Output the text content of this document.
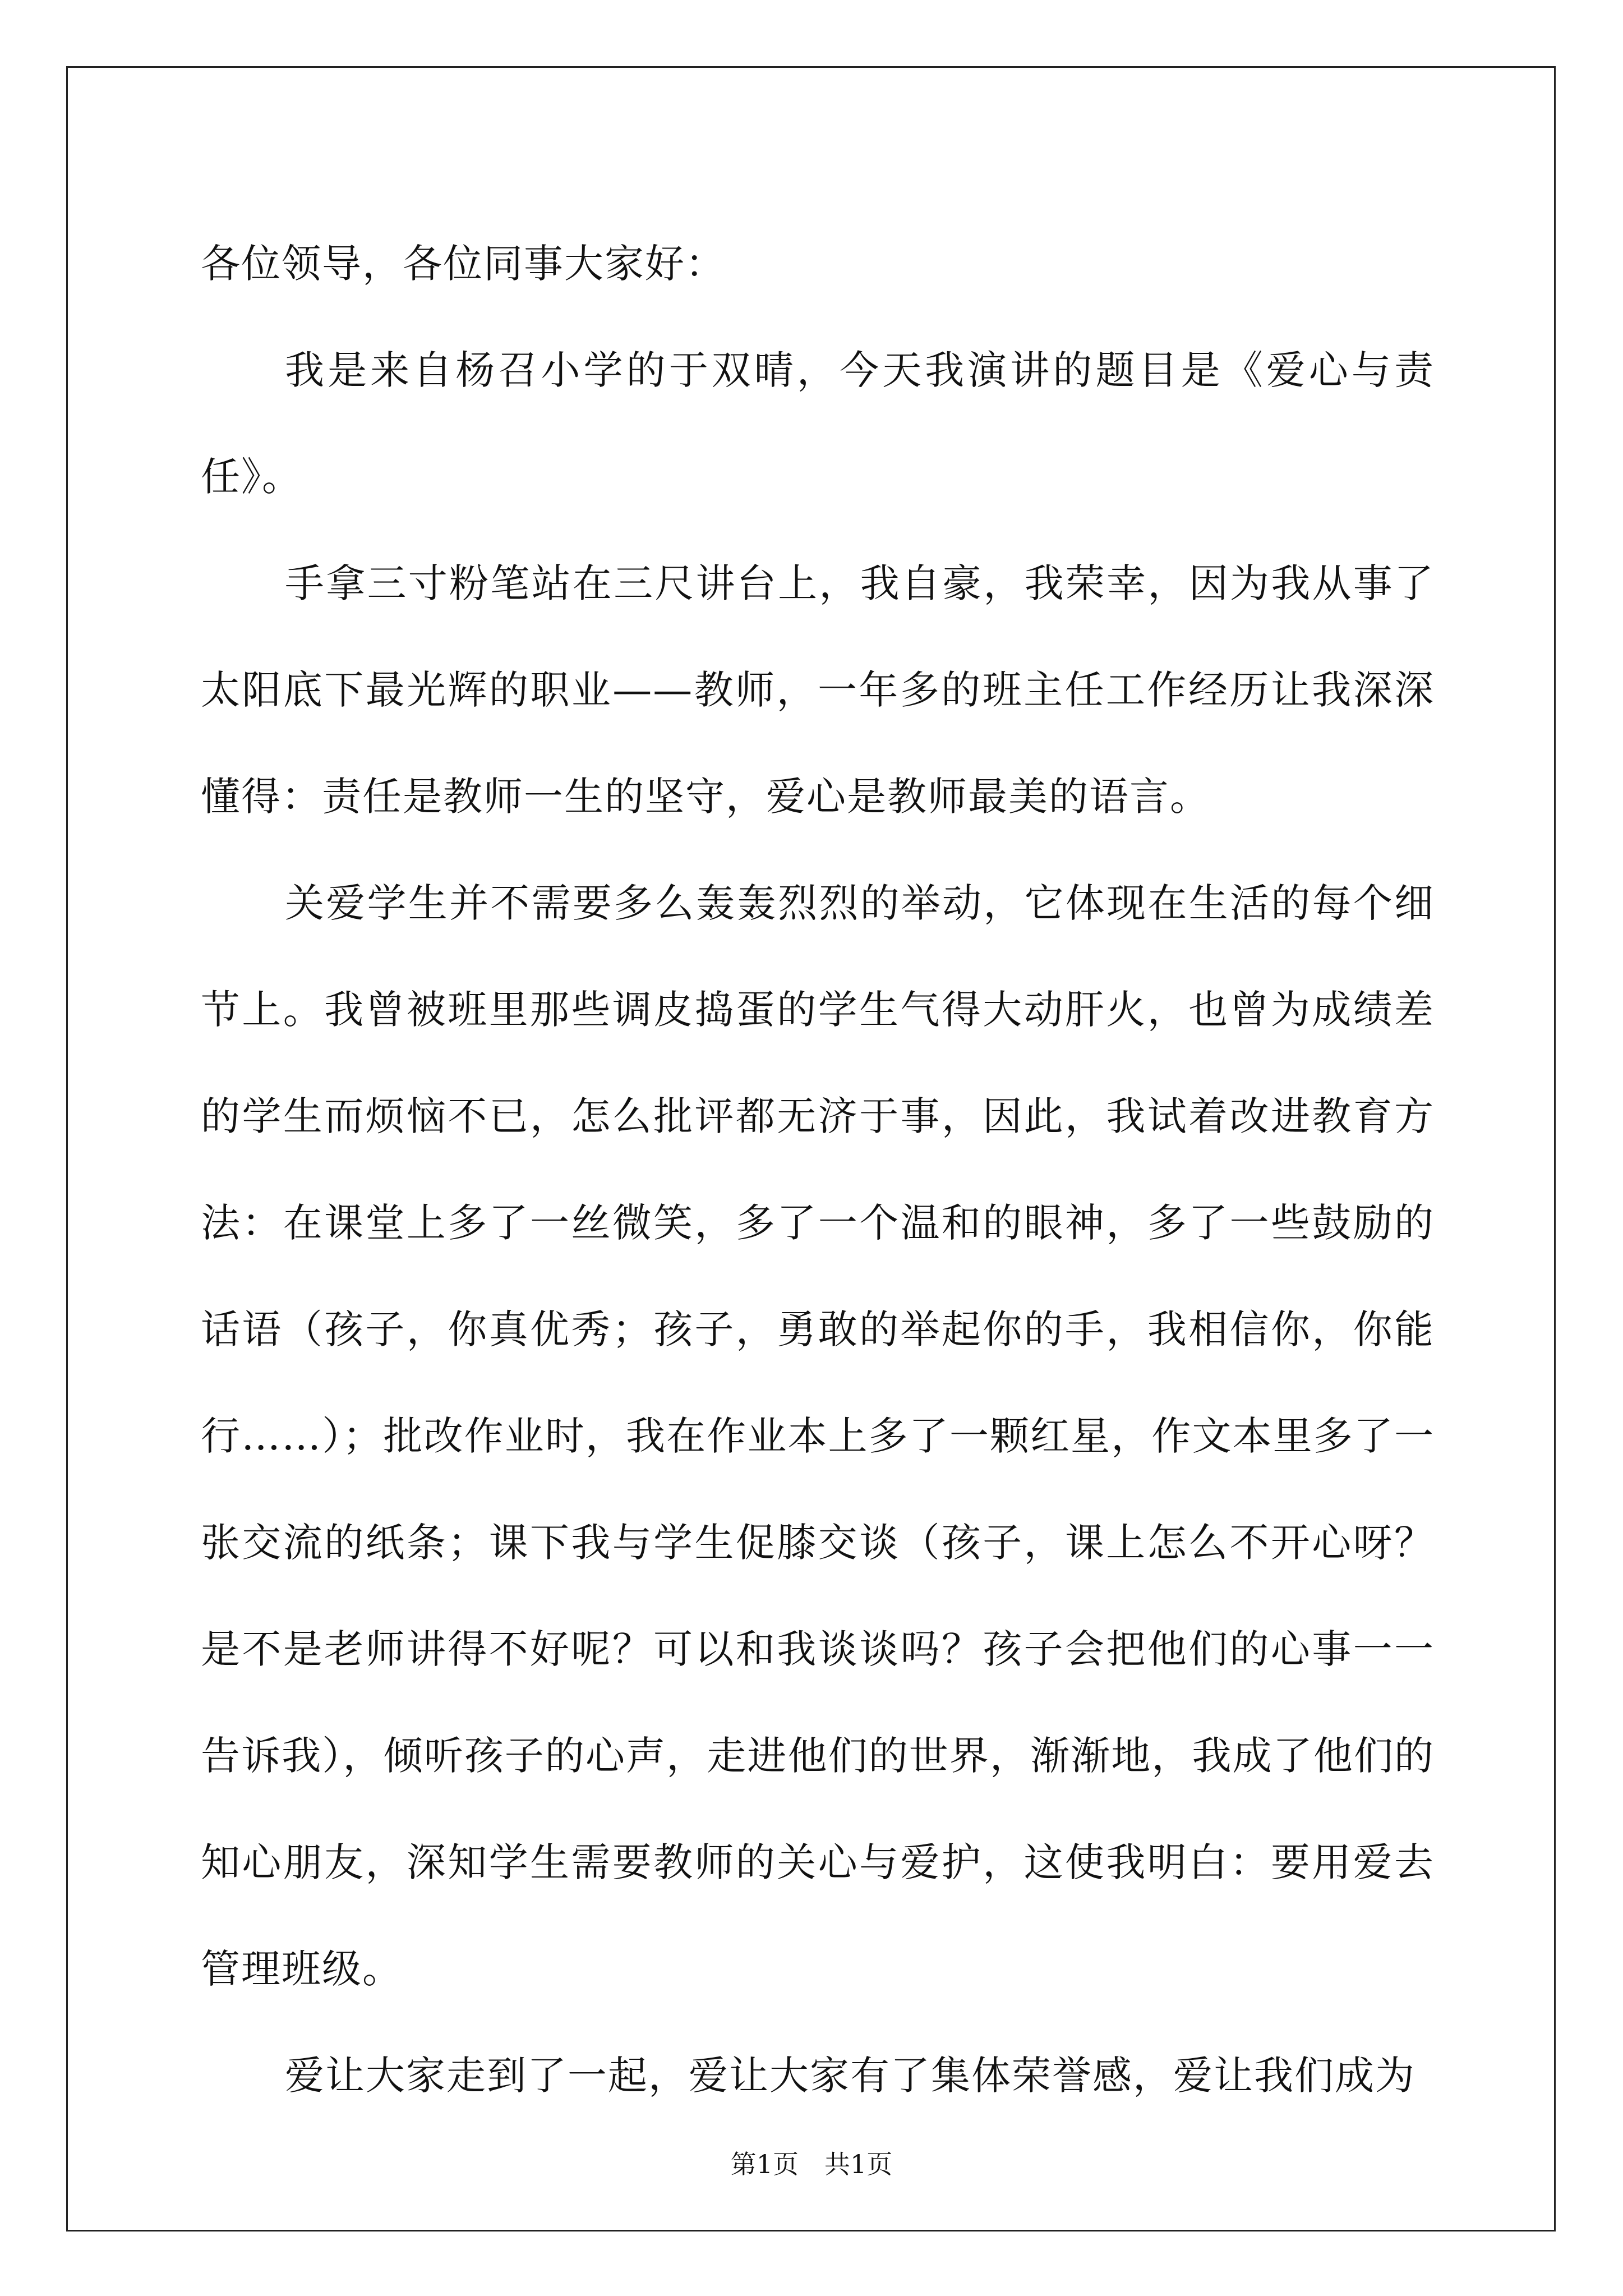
各位领导，各位同事大家好：

我是来自杨召小学的于双晴，今天我演讲的题目是《爱心与责任》。

手拿三寸粉笔站在三尺讲台上，我自豪，我荣幸，因为我从事了太阳底下最光辉的职业——教师，一年多的班主任工作经历让我深深懂得：责任是教师一生的坚守，爱心是教师最美的语言。

关爱学生并不需要多么轰轰烈烈的举动，它体现在生活的每个细节上。我曾被班里那些调皮捣蛋的学生气得大动肝火，也曾为成绩差的学生而烦恼不已，怎么批评都无济于事，因此，我试着改进教育方法：在课堂上多了一丝微笑，多了一个温和的眼神，多了一些鼓励的话语（孩子，你真优秀；孩子，勇敢的举起你的手，我相信你，你能行……）；批改作业时，我在作业本上多了一颗红星，作文本里多了一张交流的纸条；课下我与学生促膝交谈（孩子，课上怎么不开心呀？是不是老师讲得不好呢？可以和我谈谈吗？孩子会把他们的心事一一告诉我），倾听孩子的心声，走进他们的世界，渐渐地，我成了他们的知心朋友，深知学生需要教师的关心与爱护，这使我明白：要用爱去管理班级。

爱让大家走到了一起，爱让大家有了集体荣誉感，爱让我们成为

第1页　共1页
